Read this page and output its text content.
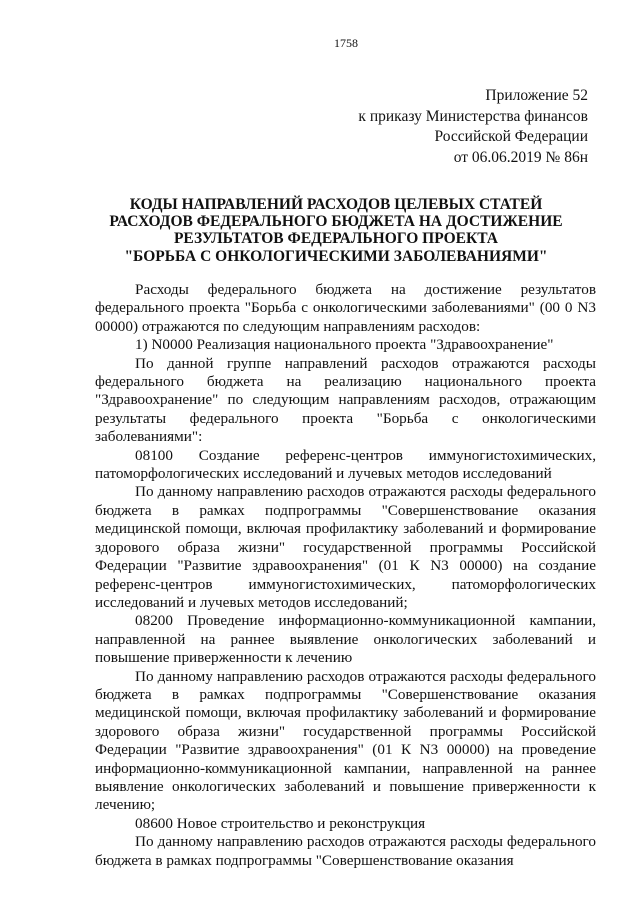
1758
Приложение 52
к приказу Министерства финансов
Российской Федерации
от 06.06.2019 № 86н
КОДЫ НАПРАВЛЕНИЙ РАСХОДОВ ЦЕЛЕВЫХ СТАТЕЙ
РАСХОДОВ ФЕДЕРАЛЬНОГО БЮДЖЕТА НА ДОСТИЖЕНИЕ
РЕЗУЛЬТАТОВ ФЕДЕРАЛЬНОГО ПРОЕКТА
"БОРЬБА С ОНКОЛОГИЧЕСКИМИ ЗАБОЛЕВАНИЯМИ"

Расходы федерального бюджета на достижение результатов федерального проекта "Борьба с онкологическими заболеваниями" (00 0 N3 00000) отражаются по следующим направлениям расходов:

1) N0000 Реализация национального проекта "Здравоохранение"

По данной группе направлений расходов отражаются расходы федерального бюджета на реализацию национального проекта "Здравоохранение" по следующим направлениям расходов, отражающим результаты федерального проекта "Борьба с онкологическими заболеваниями":

08100 Создание референс-центров иммуногистохимических, патоморфологических исследований и лучевых методов исследований

По данному направлению расходов отражаются расходы федерального бюджета в рамках подпрограммы "Совершенствование оказания медицинской помощи, включая профилактику заболеваний и формирование здорового образа жизни" государственной программы Российской Федерации "Развитие здравоохранения" (01 К N3 00000) на создание референс-центров иммуногистохимических, патоморфологических исследований и лучевых методов исследований;

08200 Проведение информационно-коммуникационной кампании, направленной на раннее выявление онкологических заболеваний и повышение приверженности к лечению

По данному направлению расходов отражаются расходы федерального бюджета в рамках подпрограммы "Совершенствование оказания медицинской помощи, включая профилактику заболеваний и формирование здорового образа жизни" государственной программы Российской Федерации "Развитие здравоохранения" (01 К N3 00000) на проведение информационно-коммуникационной кампании, направленной на раннее выявление онкологических заболеваний и повышение приверженности к лечению;

08600 Новое строительство и реконструкция

По данному направлению расходов отражаются расходы федерального бюджета в рамках подпрограммы "Совершенствование оказания
